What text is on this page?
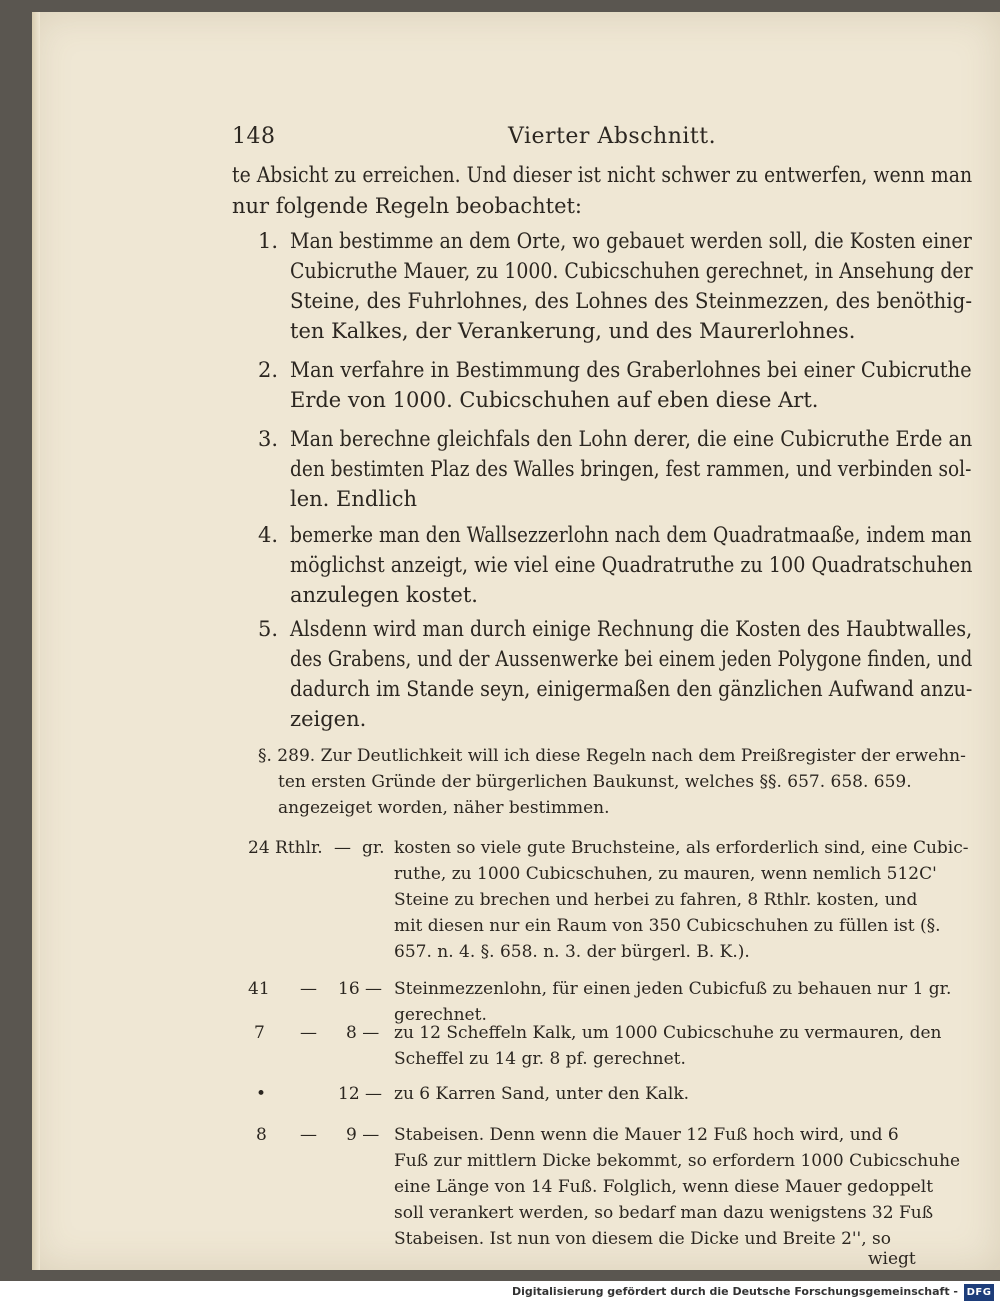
148	Vierter Abschnitt.
te Absicht zu erreichen. Und dieser ist nicht schwer zu entwerfen, wenn man
nur folgende Regeln beobachtet:
1. Man bestimme an dem Orte, wo gebauet werden soll, die Kosten einer
Cubicruthe Mauer, zu 1000. Cubicschuhen gerechnet, in Ansehung der
Steine, des Fuhrlohnes, des Lohnes des Steinmezzen, des benöthig-
ten Kalkes, der Verankerung, und des Maurerlohnes.
2. Man verfahre in Bestimmung des Graberlohnes bei einer Cubicruthe
Erde von 1000. Cubicschuhen auf eben diese Art.
3. Man berechne gleichfals den Lohn derer, die eine Cubicruthe Erde an
den bestimten Plaz des Walles bringen, fest rammen, und verbinden sol-
len. Endlich
4. bemerke man den Wallsezzerlohn nach dem Quadratmaaße, indem man
möglichst anzeigt, wie viel eine Quadratruthe zu 100 Quadratschuhen
anzulegen kostet.
5. Alsdenn wird man durch einige Rechnung die Kosten des Haubtwalles,
des Grabens, und der Aussenwerke bei einem jeden Polygone finden, und
dadurch im Stande seyn, einigermaßen den gänzlichen Aufwand anzu-
zeigen.
§. 289. Zur Deutlichkeit will ich diese Regeln nach dem Preißregister der erwehn-
ten ersten Gründe der bürgerlichen Baukunst, welches §§. 657. 658. 659.
angezeiget worden, näher bestimmen.
24 Rthlr. — gr. kosten so viele gute Bruchsteine, als erforderlich sind, eine Cubic-
ruthe, zu 1000 Cubicschuhen, zu mauren, wenn nemlich 512C'
Steine zu brechen und herbei zu fahren, 8 Rthlr. kosten, und
mit diesen nur ein Raum von 350 Cubicschuhen zu füllen ist (§.
657. n. 4. §. 658. n. 3. der bürgerl. B. K.).
41 — 16 — Steinmezzenlohn, für einen jeden Cubicfuß zu behauen nur 1 gr.
gerechnet.
7 — 8 — zu 12 Scheffeln Kalk, um 1000 Cubicschuhe zu vermauren, den
Scheffel zu 14 gr. 8 pf. gerechnet.
•	12 — zu 6 Karren Sand, unter den Kalk.
8 — 9 — Stabeisen. Denn wenn die Mauer 12 Fuß hoch wird, und 6
Fuß zur mittlern Dicke bekommt, so erfordern 1000 Cubicschuhe
eine Länge von 14 Fuß. Folglich, wenn diese Mauer gedoppelt
soll verankert werden, so bedarf man dazu wenigstens 32 Fuß
Stabeisen. Ist nun von diesem die Dicke und Breite 2'', so
wiegt
Digitalisierung gefördert durch die Deutsche Forschungsgemeinschaft - DFG
